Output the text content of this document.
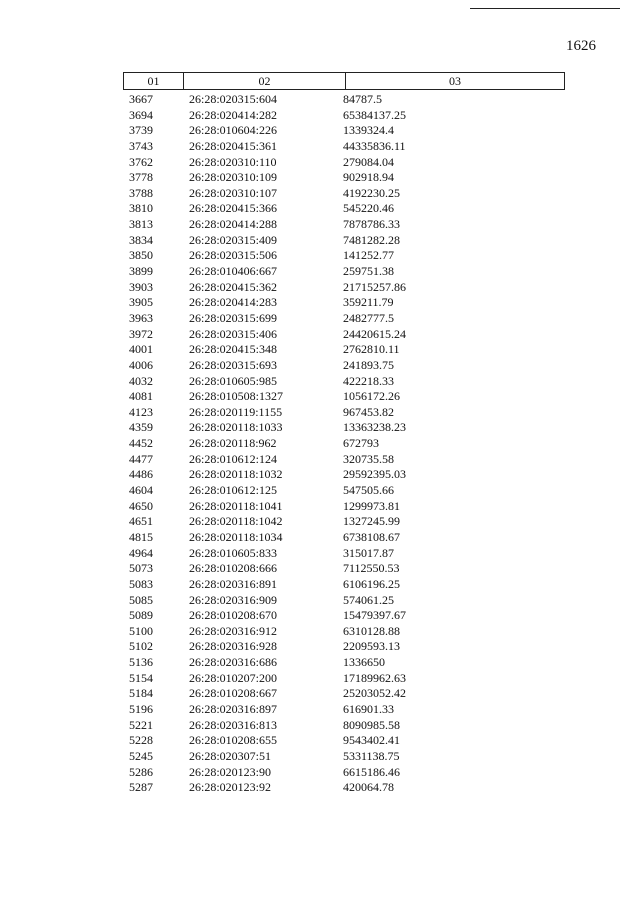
1626
01	02	03
3667	26:28:020315:604	84787.5
3694	26:28:020414:282	65384137.25
3739	26:28:010604:226	1339324.4
3743	26:28:020415:361	44335836.11
3762	26:28:020310:110	279084.04
3778	26:28:020310:109	902918.94
3788	26:28:020310:107	4192230.25
3810	26:28:020415:366	545220.46
3813	26:28:020414:288	7878786.33
3834	26:28:020315:409	7481282.28
3850	26:28:020315:506	141252.77
3899	26:28:010406:667	259751.38
3903	26:28:020415:362	21715257.86
3905	26:28:020414:283	359211.79
3963	26:28:020315:699	2482777.5
3972	26:28:020315:406	24420615.24
4001	26:28:020415:348	2762810.11
4006	26:28:020315:693	241893.75
4032	26:28:010605:985	422218.33
4081	26:28:010508:1327	1056172.26
4123	26:28:020119:1155	967453.82
4359	26:28:020118:1033	13363238.23
4452	26:28:020118:962	672793
4477	26:28:010612:124	320735.58
4486	26:28:020118:1032	29592395.03
4604	26:28:010612:125	547505.66
4650	26:28:020118:1041	1299973.81
4651	26:28:020118:1042	1327245.99
4815	26:28:020118:1034	6738108.67
4964	26:28:010605:833	315017.87
5073	26:28:010208:666	7112550.53
5083	26:28:020316:891	6106196.25
5085	26:28:020316:909	574061.25
5089	26:28:010208:670	15479397.67
5100	26:28:020316:912	6310128.88
5102	26:28:020316:928	2209593.13
5136	26:28:020316:686	1336650
5154	26:28:010207:200	17189962.63
5184	26:28:010208:667	25203052.42
5196	26:28:020316:897	616901.33
5221	26:28:020316:813	8090985.58
5228	26:28:010208:655	9543402.41
5245	26:28:020307:51	5331138.75
5286	26:28:020123:90	6615186.46
5287	26:28:020123:92	420064.78
